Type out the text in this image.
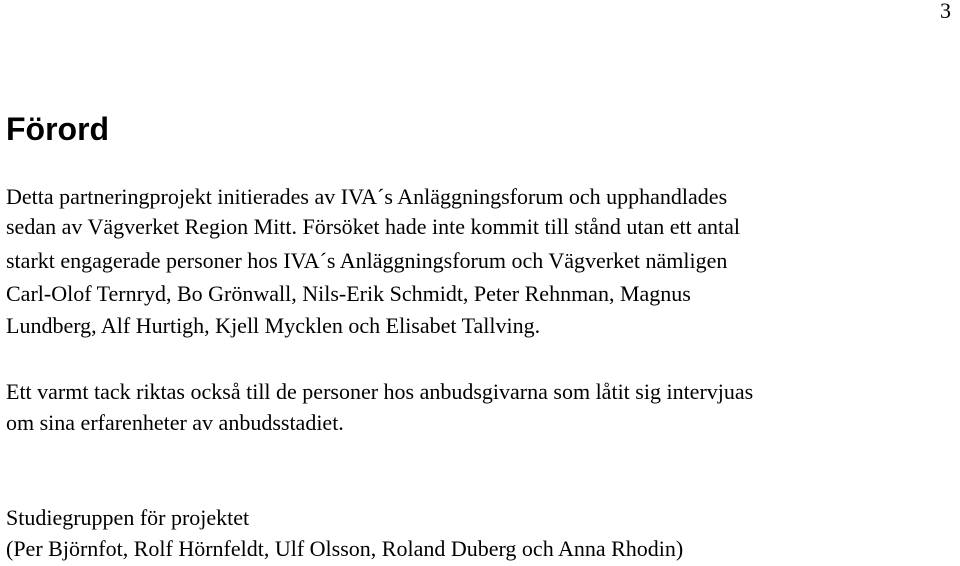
3
Förord

Detta partneringprojekt initierades av IVA´s Anläggningsforum och upphandlades

sedan av Vägverket Region Mitt. Försöket hade inte kommit till stånd utan ett antal

starkt engagerade personer hos IVA´s Anläggningsforum och Vägverket nämligen

Carl-Olof Ternryd, Bo Grönwall, Nils-Erik Schmidt, Peter Rehnman, Magnus

Lundberg, Alf Hurtigh, Kjell Mycklen och Elisabet Tallving.

Ett varmt tack riktas också till de personer hos anbudsgivarna som låtit sig intervjuas

om sina erfarenheter av anbudsstadiet.

Studiegruppen för projektet

(Per Björnfot, Rolf Hörnfeldt, Ulf Olsson, Roland Duberg och Anna Rhodin)
